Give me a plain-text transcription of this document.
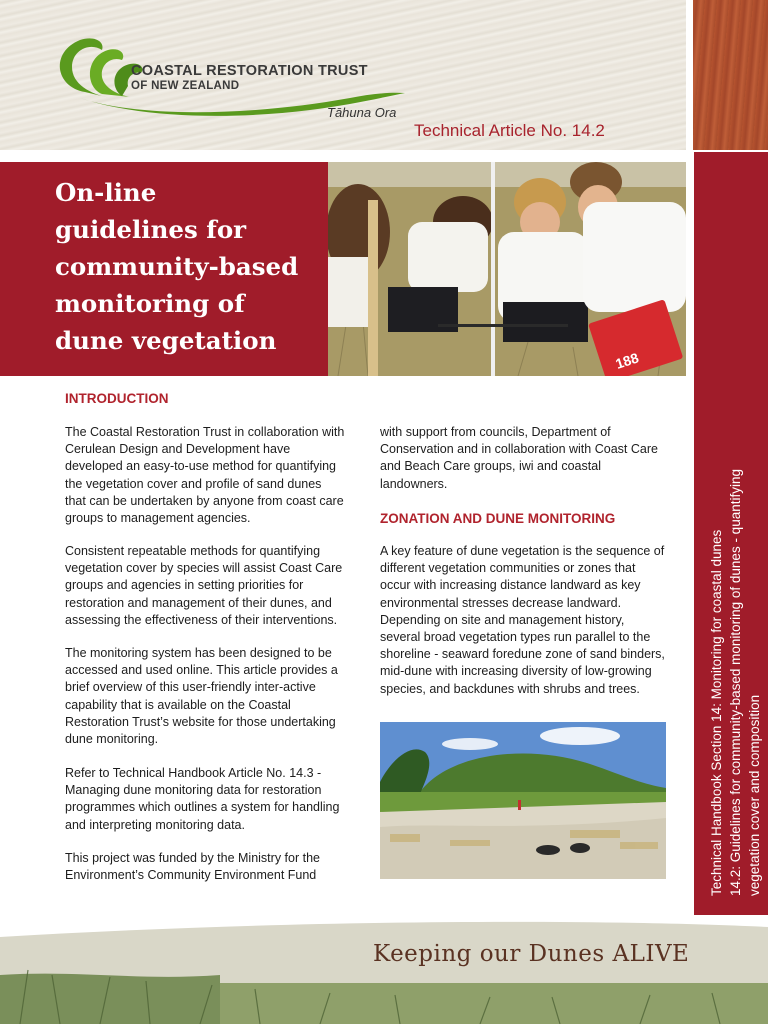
COASTAL RESTORATION TRUST
OF NEW ZEALAND
Tāhuna Ora
Technical Article No. 14.2
On-line
guidelines for
community-based
monitoring of
dune vegetation
188
Technical Handbook Section 14: Monitoring for coastal dunes 14.2: Guidelines for community-based monitoring of dunes - quantifying vegetation cover and composition
INTRODUCTION
The Coastal Restoration Trust in collaboration with Cerulean Design and Development have developed an easy-to-use method for quantifying the vegetation cover and profile of sand dunes that can be undertaken by anyone from coast care groups to management agencies.
Consistent repeatable methods for quantifying vegetation cover by species will assist Coast Care groups and agencies in setting priorities for restoration and management of their dunes, and assessing the effectiveness of their interventions.
The monitoring system has been designed to be accessed and used online. This article provides a brief overview of this user-friendly inter-active capability that is available on the Coastal Restoration Trust’s website for those undertaking dune monitoring.
Refer to Technical Handbook Article No. 14.3 - Managing dune monitoring data for restoration programmes which outlines a system for handling and interpreting monitoring data.
This project was funded by the Ministry for the Environment’s Community Environment Fund
with support from councils, Department of Conservation and in collaboration with Coast Care and Beach Care groups, iwi and coastal landowners.
ZONATION AND DUNE MONITORING
A key feature of dune vegetation is the sequence of different vegetation communities or zones that occur with increasing distance landward as key environmental stresses decrease landward. Depending on site and management history, several broad vegetation types run parallel to the shoreline - seaward foredune zone of sand binders, mid-dune with increasing diversity of low-growing species, and backdunes with shrubs and trees.
Keeping our Dunes ALIVE
